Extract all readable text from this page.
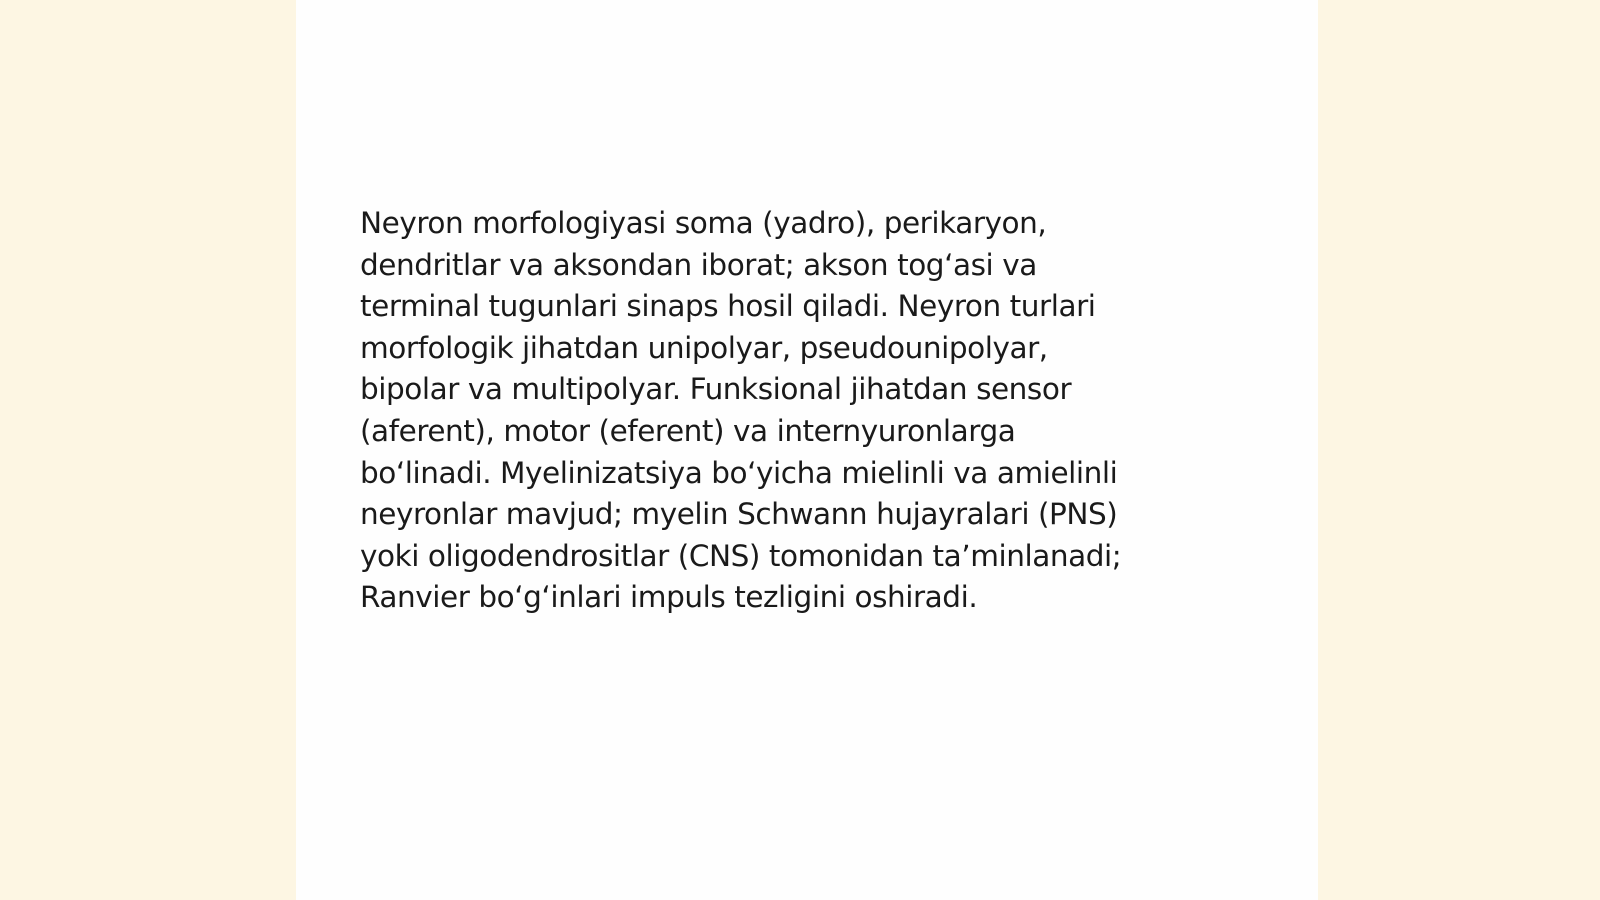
Neyron morfologiyasi soma (yadro), perikaryon,
dendritlar va aksondan iborat; akson tog‘asi va
terminal tugunlari sinaps hosil qiladi. Neyron turlari
morfologik jihatdan unipolyar, pseudounipolyar,
bipolar va multipolyar. Funksional jihatdan sensor
(aferent), motor (eferent) va internyuronlarga
bo‘linadi. Myelinizatsiya bo‘yicha mielinli va amielinli
neyronlar mavjud; myelin Schwann hujayralari (PNS)
yoki oligodendrositlar (CNS) tomonidan ta’minlanadi;
Ranvier bo‘g‘inlari impuls tezligini oshiradi.
